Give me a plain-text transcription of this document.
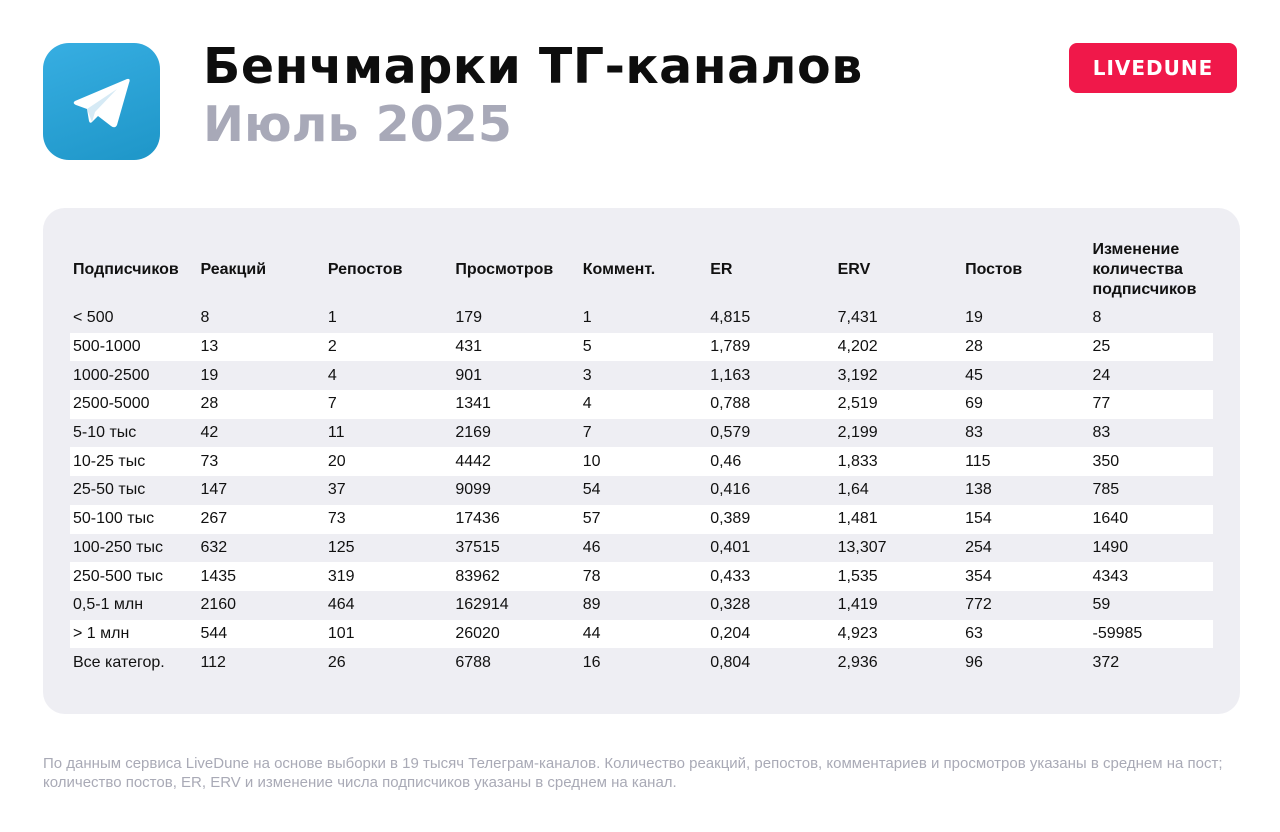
Бенчмарки ТГ-каналов
Июль 2025
LIVEDUNE
Подписчиков	Реакций	Репостов	Просмотров	Коммент.	ER	ERV	Постов	Изменение количества подписчиков
< 500	8	1	179	1	4,815	7,431	19	8
500-1000	13	2	431	5	1,789	4,202	28	25
1000-2500	19	4	901	3	1,163	3,192	45	24
2500-5000	28	7	1341	4	0,788	2,519	69	77
5-10 тыс	42	11	2169	7	0,579	2,199	83	83
10-25 тыс	73	20	4442	10	0,46	1,833	115	350
25-50 тыс	147	37	9099	54	0,416	1,64	138	785
50-100 тыс	267	73	17436	57	0,389	1,481	154	1640
100-250 тыс	632	125	37515	46	0,401	13,307	254	1490
250-500 тыс	1435	319	83962	78	0,433	1,535	354	4343
0,5-1 млн	2160	464	162914	89	0,328	1,419	772	59
> 1 млн	544	101	26020	44	0,204	4,923	63	-59985
Все категор.	112	26	6788	16	0,804	2,936	96	372
По данным сервиса LiveDune на основе выборки в 19 тысяч Телеграм-каналов. Количество реакций, репостов, комментариев и просмотров указаны в среднем на пост; количество постов, ER, ERV и изменение числа подписчиков указаны в среднем на канал.
